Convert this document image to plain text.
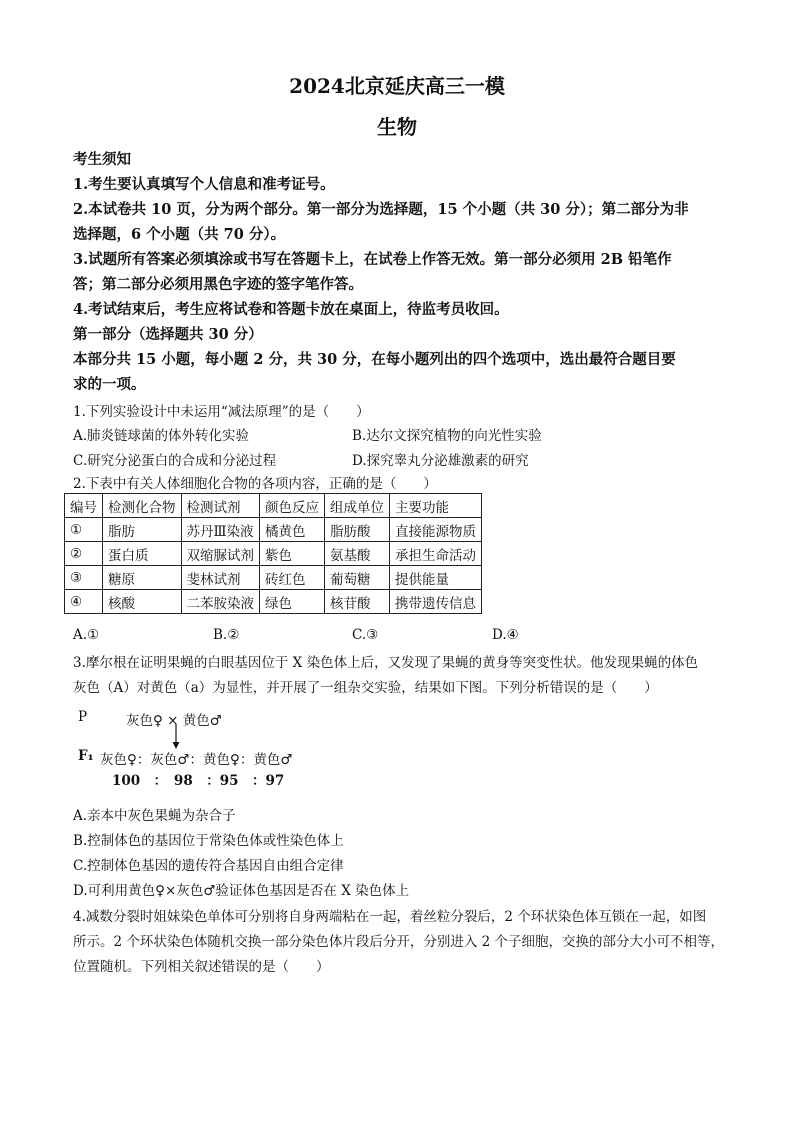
2024北京延庆高三一模
生物
考生须知
1.考生要认真填写个人信息和准考证号。
2.本试卷共 10 页，分为两个部分。第一部分为选择题，15 个小题（共 30 分）；第二部分为非
选择题，6 个小题（共 70 分）。
3.试题所有答案必须填涂或书写在答题卡上，在试卷上作答无效。第一部分必须用 2B 铅笔作
答；第二部分必须用黑色字迹的签字笔作答。
4.考试结束后，考生应将试卷和答题卡放在桌面上，待监考员收回。
第一部分（选择题共 30 分）
本部分共 15 小题，每小题 2 分，共 30 分，在每小题列出的四个选项中，选出最符合题目要
求的一项。
1.下列实验设计中未运用“减法原理”的是（　　）
A.肺炎链球菌的体外转化实验	B.达尔文探究植物的向光性实验
C.研究分泌蛋白的合成和分泌过程	D.探究睾丸分泌雄激素的研究
2.下表中有关人体细胞化合物的各项内容，正确的是（　　）
编号	检测化合物	检测试剂	颜色反应	组成单位	主要功能
①	脂肪	苏丹Ⅲ染液	橘黄色	脂肪酸	直接能源物质
②	蛋白质	双缩脲试剂	紫色	氨基酸	承担生命活动
③	糖原	斐林试剂	砖红色	葡萄糖	提供能量
④	核酸	二苯胺染液	绿色	核苷酸	携带遗传信息
A.①	B.②	C.③	D.④
3.摩尔根在证明果蝇的白眼基因位于 X 染色体上后，又发现了果蝇的黄身等突变性状。他发现果蝇的体色
灰色（A）对黄色（a）为显性，并开展了一组杂交实验，结果如下图。下列分析错误的是（　　）
P	灰色♀ × 黄色♂
F₁ 灰色♀：灰色♂：黄色♀：黄色♂
100　：　98　：95　：97
A.亲本中灰色果蝇为杂合子
B.控制体色的基因位于常染色体或性染色体上
C.控制体色基因的遗传符合基因自由组合定律
D.可利用黄色♀×灰色♂验证体色基因是否在 X 染色体上
4.减数分裂时姐妹染色单体可分别将自身两端粘在一起，着丝粒分裂后，2 个环状染色体互锁在一起，如图
所示。2 个环状染色体随机交换一部分染色体片段后分开，分别进入 2 个子细胞，交换的部分大小可不相等，
位置随机。下列相关叙述错误的是（　　）
